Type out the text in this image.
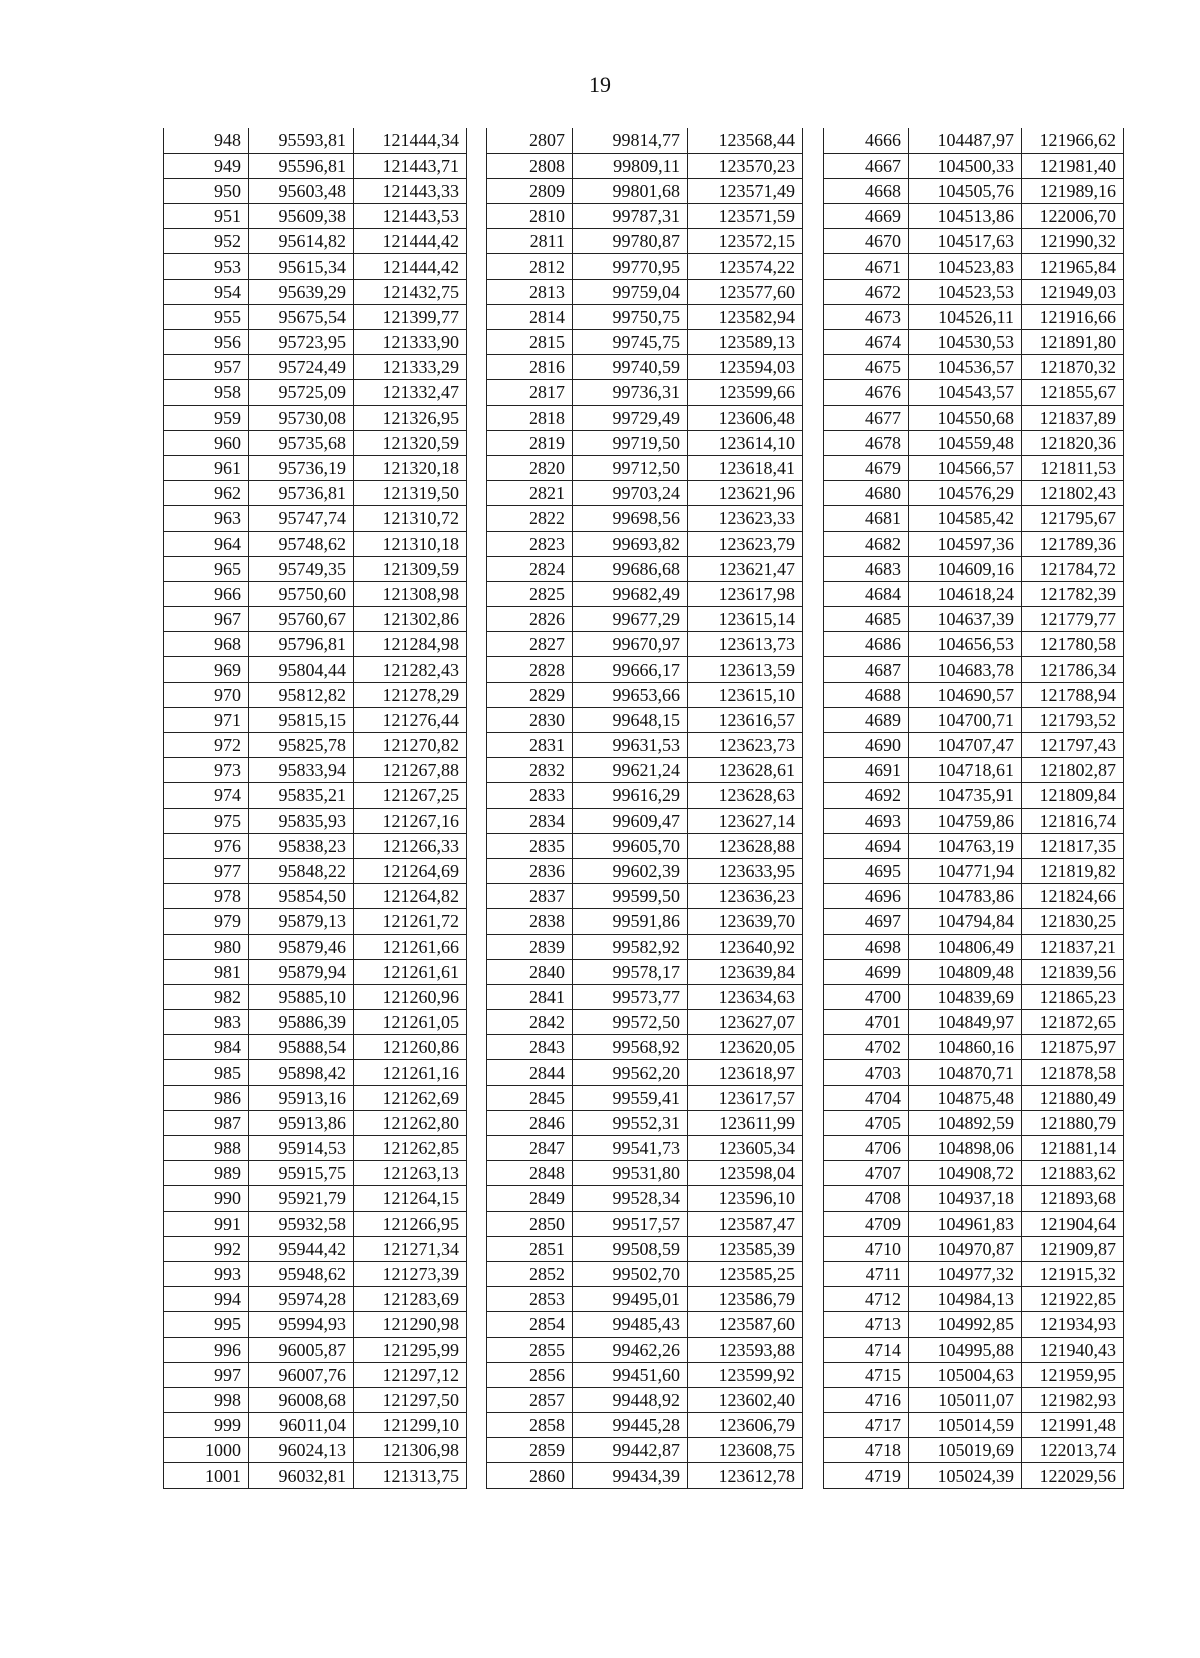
19
948	95593,81	121444,34
949	95596,81	121443,71
950	95603,48	121443,33
951	95609,38	121443,53
952	95614,82	121444,42
953	95615,34	121444,42
954	95639,29	121432,75
955	95675,54	121399,77
956	95723,95	121333,90
957	95724,49	121333,29
958	95725,09	121332,47
959	95730,08	121326,95
960	95735,68	121320,59
961	95736,19	121320,18
962	95736,81	121319,50
963	95747,74	121310,72
964	95748,62	121310,18
965	95749,35	121309,59
966	95750,60	121308,98
967	95760,67	121302,86
968	95796,81	121284,98
969	95804,44	121282,43
970	95812,82	121278,29
971	95815,15	121276,44
972	95825,78	121270,82
973	95833,94	121267,88
974	95835,21	121267,25
975	95835,93	121267,16
976	95838,23	121266,33
977	95848,22	121264,69
978	95854,50	121264,82
979	95879,13	121261,72
980	95879,46	121261,66
981	95879,94	121261,61
982	95885,10	121260,96
983	95886,39	121261,05
984	95888,54	121260,86
985	95898,42	121261,16
986	95913,16	121262,69
987	95913,86	121262,80
988	95914,53	121262,85
989	95915,75	121263,13
990	95921,79	121264,15
991	95932,58	121266,95
992	95944,42	121271,34
993	95948,62	121273,39
994	95974,28	121283,69
995	95994,93	121290,98
996	96005,87	121295,99
997	96007,76	121297,12
998	96008,68	121297,50
999	96011,04	121299,10
1000	96024,13	121306,98
1001	96032,81	121313,75
2807	99814,77	123568,44
2808	99809,11	123570,23
2809	99801,68	123571,49
2810	99787,31	123571,59
2811	99780,87	123572,15
2812	99770,95	123574,22
2813	99759,04	123577,60
2814	99750,75	123582,94
2815	99745,75	123589,13
2816	99740,59	123594,03
2817	99736,31	123599,66
2818	99729,49	123606,48
2819	99719,50	123614,10
2820	99712,50	123618,41
2821	99703,24	123621,96
2822	99698,56	123623,33
2823	99693,82	123623,79
2824	99686,68	123621,47
2825	99682,49	123617,98
2826	99677,29	123615,14
2827	99670,97	123613,73
2828	99666,17	123613,59
2829	99653,66	123615,10
2830	99648,15	123616,57
2831	99631,53	123623,73
2832	99621,24	123628,61
2833	99616,29	123628,63
2834	99609,47	123627,14
2835	99605,70	123628,88
2836	99602,39	123633,95
2837	99599,50	123636,23
2838	99591,86	123639,70
2839	99582,92	123640,92
2840	99578,17	123639,84
2841	99573,77	123634,63
2842	99572,50	123627,07
2843	99568,92	123620,05
2844	99562,20	123618,97
2845	99559,41	123617,57
2846	99552,31	123611,99
2847	99541,73	123605,34
2848	99531,80	123598,04
2849	99528,34	123596,10
2850	99517,57	123587,47
2851	99508,59	123585,39
2852	99502,70	123585,25
2853	99495,01	123586,79
2854	99485,43	123587,60
2855	99462,26	123593,88
2856	99451,60	123599,92
2857	99448,92	123602,40
2858	99445,28	123606,79
2859	99442,87	123608,75
2860	99434,39	123612,78
4666	104487,97	121966,62
4667	104500,33	121981,40
4668	104505,76	121989,16
4669	104513,86	122006,70
4670	104517,63	121990,32
4671	104523,83	121965,84
4672	104523,53	121949,03
4673	104526,11	121916,66
4674	104530,53	121891,80
4675	104536,57	121870,32
4676	104543,57	121855,67
4677	104550,68	121837,89
4678	104559,48	121820,36
4679	104566,57	121811,53
4680	104576,29	121802,43
4681	104585,42	121795,67
4682	104597,36	121789,36
4683	104609,16	121784,72
4684	104618,24	121782,39
4685	104637,39	121779,77
4686	104656,53	121780,58
4687	104683,78	121786,34
4688	104690,57	121788,94
4689	104700,71	121793,52
4690	104707,47	121797,43
4691	104718,61	121802,87
4692	104735,91	121809,84
4693	104759,86	121816,74
4694	104763,19	121817,35
4695	104771,94	121819,82
4696	104783,86	121824,66
4697	104794,84	121830,25
4698	104806,49	121837,21
4699	104809,48	121839,56
4700	104839,69	121865,23
4701	104849,97	121872,65
4702	104860,16	121875,97
4703	104870,71	121878,58
4704	104875,48	121880,49
4705	104892,59	121880,79
4706	104898,06	121881,14
4707	104908,72	121883,62
4708	104937,18	121893,68
4709	104961,83	121904,64
4710	104970,87	121909,87
4711	104977,32	121915,32
4712	104984,13	121922,85
4713	104992,85	121934,93
4714	104995,88	121940,43
4715	105004,63	121959,95
4716	105011,07	121982,93
4717	105014,59	121991,48
4718	105019,69	122013,74
4719	105024,39	122029,56
